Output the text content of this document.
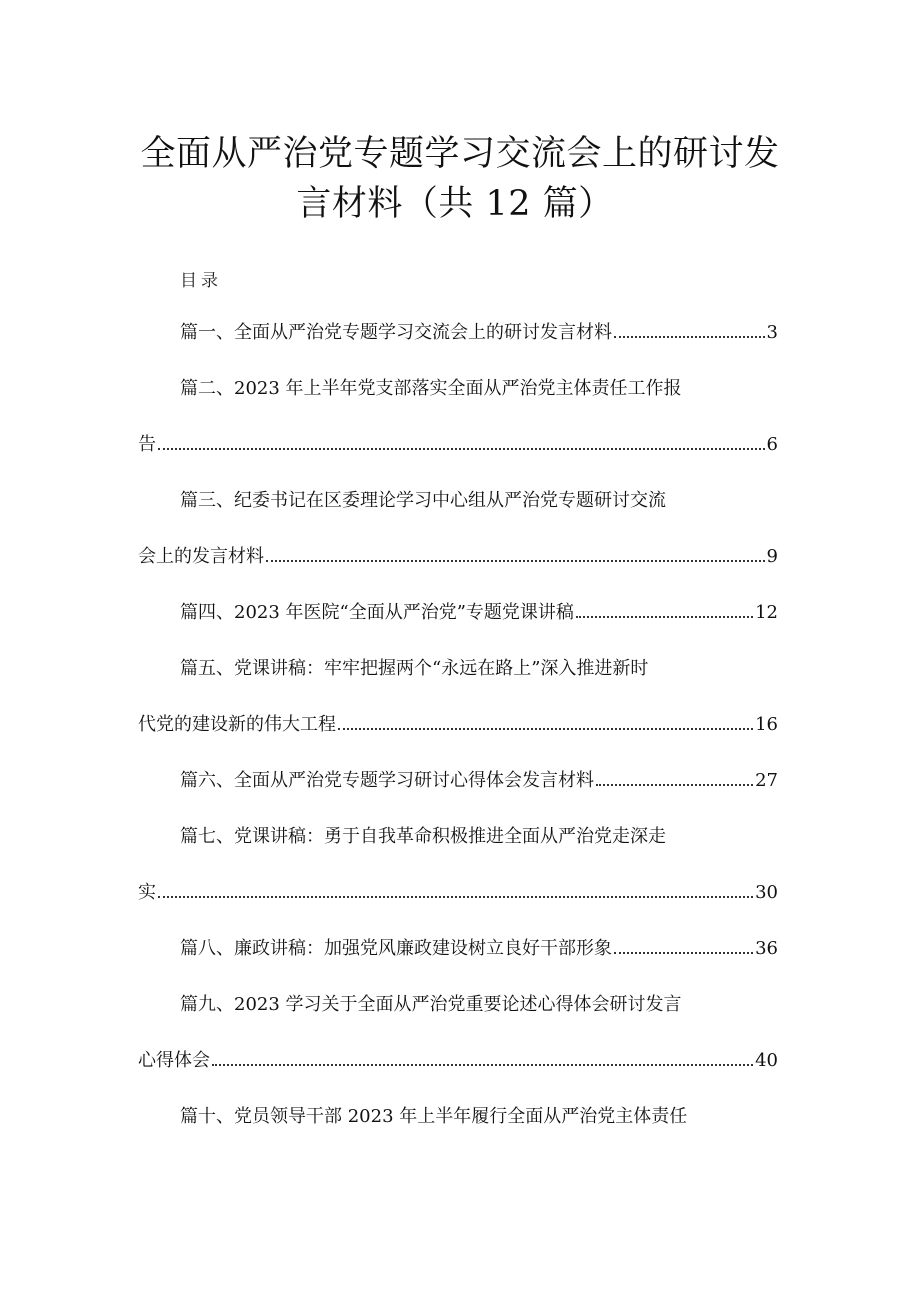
全面从严治党专题学习交流会上的研讨发
言材料（共 12 篇）
目录
篇一、全面从严治党专题学习交流会上的研讨发言材料	3
篇二、2023 年上半年党支部落实全面从严治党主体责任工作报
告	6
篇三、纪委书记在区委理论学习中心组从严治党专题研讨交流
会上的发言材料	9
篇四、2023 年医院“全面从严治党”专题党课讲稿	12
篇五、党课讲稿：牢牢把握两个“永远在路上”深入推进新时
代党的建设新的伟大工程	16
篇六、全面从严治党专题学习研讨心得体会发言材料	27
篇七、党课讲稿：勇于自我革命积极推进全面从严治党走深走
实	30
篇八、廉政讲稿：加强党风廉政建设树立良好干部形象	36
篇九、2023 学习关于全面从严治党重要论述心得体会研讨发言
心得体会	40
篇十、党员领导干部 2023 年上半年履行全面从严治党主体责任
